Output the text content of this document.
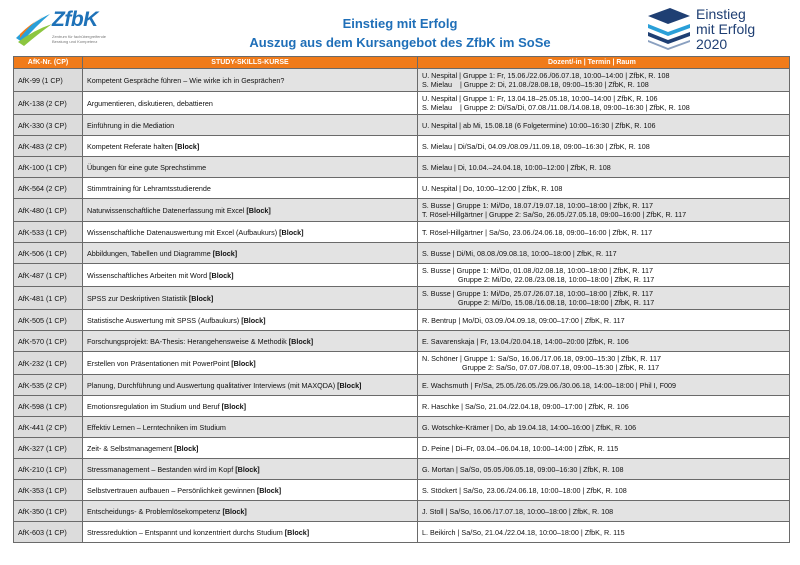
ZfbK
Zentrum für fachübergreifende Beratung und Kompetenz
Einstieg mit Erfolg
Auszug aus dem Kursangebot des ZfbK im SoSe
Einstieg
mit Erfolg
2020
AfK-Nr. (CP)	STUDY-SKILLS-KURSE	Dozent/-in | Termin | Raum
AfK-99 (1 CP)	Kompetent Gespräche führen – Wie wirke ich in Gesprächen?	U. Nespital | Gruppe 1: Fr, 15.06./22.06./06.07.18, 10:00–14:00 | ZfbK, R. 108
S. Mielau    | Gruppe 2: Di, 21.08./28.08.18, 09:00–15:30 | ZfbK, R. 108

AfK-138 (2 CP)	Argumentieren, diskutieren, debattieren	U. Nespital | Gruppe 1: Fr, 13.04.18–25.05.18, 10:00–14:00 | ZfbK, R. 106
S. Mielau    | Gruppe 2: Di/Sa/Di, 07.08./11.08./14.08.18, 09:00–16:30 | ZfbK, R. 108

AfK-330 (3 CP)	Einführung in die Mediation	U. Nespital | ab Mi, 15.08.18 (6 Folgetermine) 10:00–16:30 | ZfbK, R. 106

AfK-483 (2 CP)	Kompetent Referate halten [Block]	S. Mielau | Di/Sa/Di, 04.09./08.09./11.09.18, 09:00–16:30 | ZfbK, R. 108

AfK-100 (1 CP)	Übungen für eine gute Sprechstimme	S. Mielau | Di, 10.04.–24.04.18, 10:00–12:00 | ZfbK, R. 108

AfK-564 (2 CP)	Stimmtraining für Lehramtsstudierende	U. Nespital | Do, 10:00–12:00 | ZfbK, R. 108

AfK-480 (1 CP)	Naturwissenschaftliche Datenerfassung mit Excel [Block]	S. Busse | Gruppe 1: Mi/Do, 18.07./19.07.18, 10:00–18:00 | ZfbK, R. 117
T. Rösel-Hillgärtner | Gruppe 2: Sa/So, 26.05./27.05.18, 09:00–16:00 | ZfbK, R. 117

AfK-533 (1 CP)	Wissenschaftliche Datenauswertung mit Excel (Aufbaukurs) [Block]	T. Rösel-Hillgärtner | Sa/So, 23.06./24.06.18, 09:00–16:00 | ZfbK, R. 117

AfK-506 (1 CP)	Abbildungen, Tabellen und Diagramme [Block]	S. Busse | Di/Mi, 08.08./09.08.18, 10:00–18:00 | ZfbK, R. 117

AfK-487 (1 CP)	Wissenschaftliches Arbeiten mit Word [Block]	S. Busse | Gruppe 1: Mi/Do, 01.08./02.08.18, 10:00–18:00 | ZfbK, R. 117
Gruppe 2: Mi/Do, 22.08./23.08.18, 10:00–18:00 | ZfbK, R. 117

AfK-481 (1 CP)	SPSS zur Deskriptiven Statistik [Block]	S. Busse | Gruppe 1: Mi/Do, 25.07./26.07.18, 10:00–18:00 | ZfbK, R. 117
Gruppe 2: Mi/Do, 15.08./16.08.18, 10:00–18:00 | ZfbK, R. 117

AfK-505 (1 CP)	Statistische Auswertung mit SPSS (Aufbaukurs) [Block]	R. Bentrup | Mo/Di, 03.09./04.09.18, 09:00–17:00 | ZfbK, R. 117

AfK-570 (1 CP)	Forschungsprojekt: BA-Thesis: Herangehensweise & Methodik [Block]	E. Savarenskaja | Fr, 13.04./20.04.18, 14:00–20:00 |ZfbK, R. 106

AfK-232 (1 CP)	Erstellen von Präsentationen mit PowerPoint [Block]	N. Schöner | Gruppe 1: Sa/So, 16.06./17.06.18, 09:00–15:30 | ZfbK, R. 117
Gruppe 2: Sa/So, 07.07./08.07.18, 09:00–15:30 | ZfbK, R. 117

AfK-535 (2 CP)	Planung, Durchführung und Auswertung qualitativer Interviews (mit MAXQDA) [Block]	E. Wachsmuth | Fr/Sa, 25.05./26.05./29.06./30.06.18, 14:00–18:00 | Phil I, F009

AfK-598 (1 CP)	Emotionsregulation im Studium und Beruf [Block]	R. Haschke | Sa/So, 21.04./22.04.18, 09:00–17:00 | ZfbK, R. 106

AfK-441 (2 CP)	Effektiv Lernen – Lerntechniken im Studium	G. Wotschke-Krämer | Do, ab 19.04.18, 14:00–16:00 | ZfbK, R. 106

AfK-327 (1 CP)	Zeit- & Selbstmanagement [Block]	D. Peine | Di–Fr, 03.04.–06.04.18, 10:00–14:00 | ZfbK, R. 115

AfK-210 (1 CP)	Stressmanagement – Bestanden wird im Kopf [Block]	G. Mortan | Sa/So, 05.05./06.05.18, 09:00–16:30 | ZfbK, R. 108

AfK-353 (1 CP)	Selbstvertrauen aufbauen – Persönlichkeit gewinnen [Block]	S. Stöckert | Sa/So, 23.06./24.06.18, 10:00–18:00 | ZfbK, R. 108

AfK-350 (1 CP)	Entscheidungs- & Problemlösekompetenz [Block]	J. Stoll | Sa/So, 16.06./17.07.18, 10:00–18:00 | ZfbK, R. 108

AfK-603 (1 CP)	Stressreduktion – Entspannt und konzentriert durchs Studium [Block]	L. Beikirch | Sa/So, 21.04./22.04.18, 10:00–18:00 | ZfbK, R. 115
